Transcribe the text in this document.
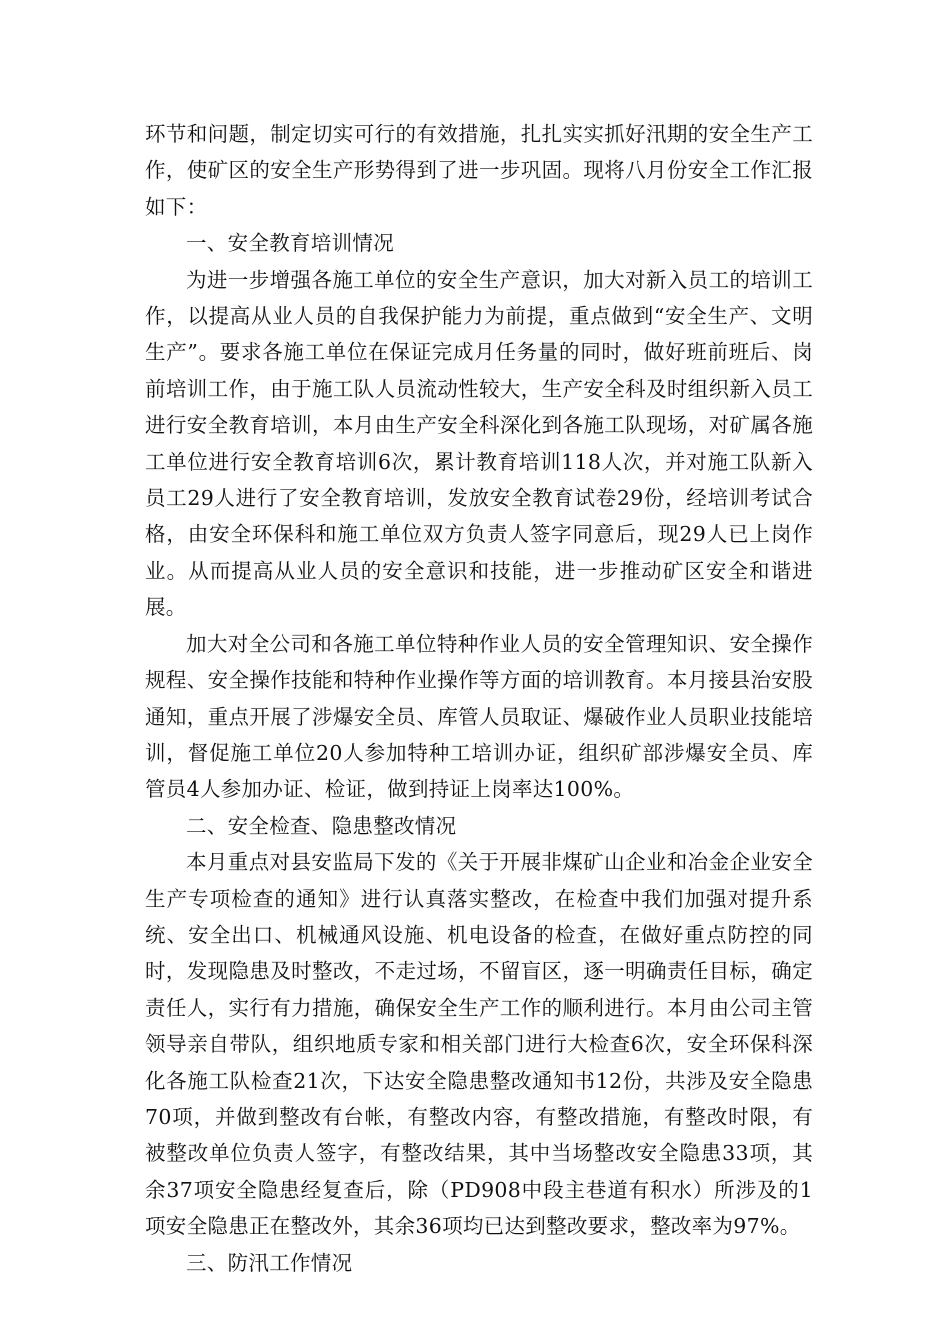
环节和问题，制定切实可行的有效措施，扎扎实实抓好汛期的安全生产工作，使矿区的安全生产形势得到了进一步巩固。现将八月份安全工作汇报如下：

一、安全教育培训情况

为进一步增强各施工单位的安全生产意识，加大对新入员工的培训工作，以提高从业人员的自我保护能力为前提，重点做到“安全生产、文明生产”。要求各施工单位在保证完成月任务量的同时，做好班前班后、岗前培训工作，由于施工队人员流动性较大，生产安全科及时组织新入员工进行安全教育培训，本月由生产安全科深化到各施工队现场，对矿属各施工单位进行安全教育培训6次，累计教育培训118人次，并对施工队新入员工29人进行了安全教育培训，发放安全教育试卷29份，经培训考试合格，由安全环保科和施工单位双方负责人签字同意后，现29人已上岗作业。从而提高从业人员的安全意识和技能，进一步推动矿区安全和谐进展。

加大对全公司和各施工单位特种作业人员的安全管理知识、安全操作规程、安全操作技能和特种作业操作等方面的培训教育。本月接县治安股通知，重点开展了涉爆安全员、库管人员取证、爆破作业人员职业技能培训，督促施工单位20人参加特种工培训办证，组织矿部涉爆安全员、库管员4人参加办证、检证，做到持证上岗率达100%。

二、安全检查、隐患整改情况

本月重点对县安监局下发的《关于开展非煤矿山企业和冶金企业安全生产专项检查的通知》进行认真落实整改，在检查中我们加强对提升系统、安全出口、机械通风设施、机电设备的检查，在做好重点防控的同时，发现隐患及时整改，不走过场，不留盲区，逐一明确责任目标，确定责任人，实行有力措施，确保安全生产工作的顺利进行。本月由公司主管领导亲自带队，组织地质专家和相关部门进行大检查6次，安全环保科深化各施工队检查21次，下达安全隐患整改通知书12份，共涉及安全隐患70项，并做到整改有台帐，有整改内容，有整改措施，有整改时限，有被整改单位负责人签字，有整改结果，其中当场整改安全隐患33项，其余37项安全隐患经复查后，除（PD908中段主巷道有积水）所涉及的1项安全隐患正在整改外，其余36项均已达到整改要求，整改率为97%。

三、防汛工作情况
